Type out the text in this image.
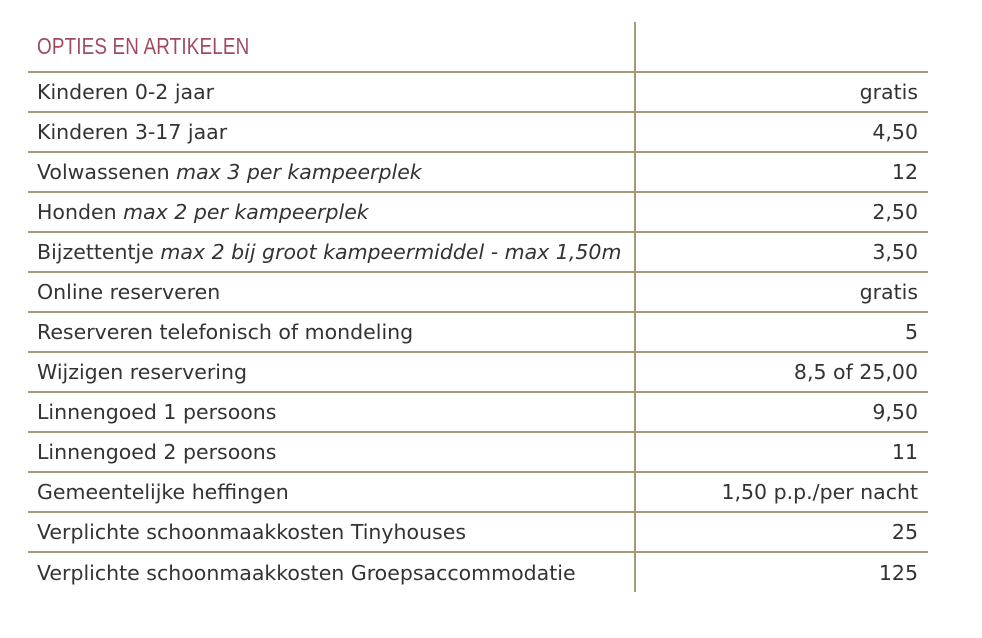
OPTIES EN ARTIKELEN	
Kinderen 0-2 jaar	gratis
Kinderen 3-17 jaar	4,50
Volwassenen max 3 per kampeerplek	12
Honden max 2 per kampeerplek	2,50
Bijzettentje max 2 bij groot kampeermiddel - max 1,50m	3,50
Online reserveren	gratis
Reserveren telefonisch of mondeling	5
Wijzigen reservering	8,5 of 25,00
Linnengoed 1 persoons	9,50
Linnengoed 2 persoons	11
Gemeentelijke heffingen	1,50 p.p./per nacht
Verplichte schoonmaakkosten Tinyhouses	25
Verplichte schoonmaakkosten Groepsaccommodatie	125
